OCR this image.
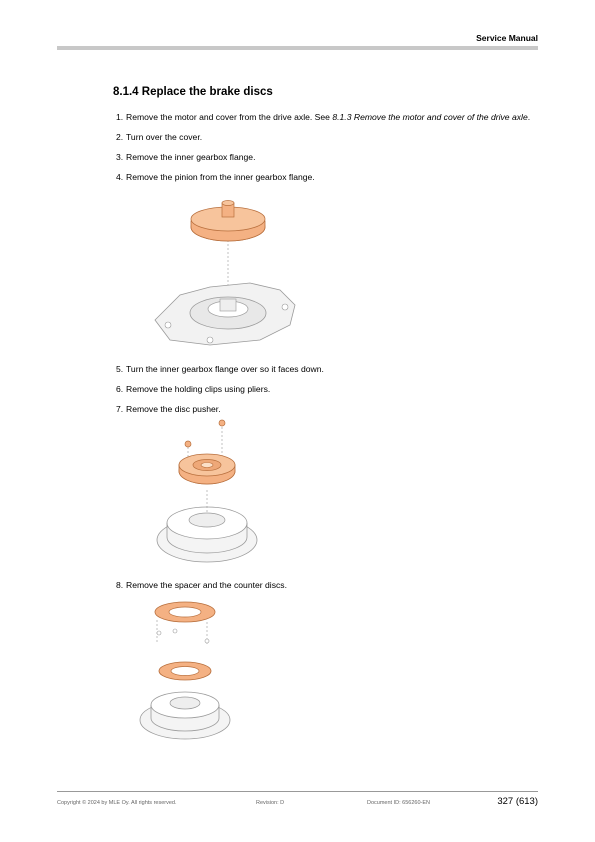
Service Manual
8.1.4 Replace the brake discs
1. Remove the motor and cover from the drive axle. See 8.1.3 Remove the motor and cover of the drive axle.
2. Turn over the cover.
3. Remove the inner gearbox flange.
4. Remove the pinion from the inner gearbox flange.
5. Turn the inner gearbox flange over so it faces down.
6. Remove the holding clips using pliers.
7. Remove the disc pusher.
8. Remove the spacer and the counter discs.
Copyright © 2024 by MLE Oy. All rights reserved.	Revision: D	Document ID: 656260-EN	327 (613)
